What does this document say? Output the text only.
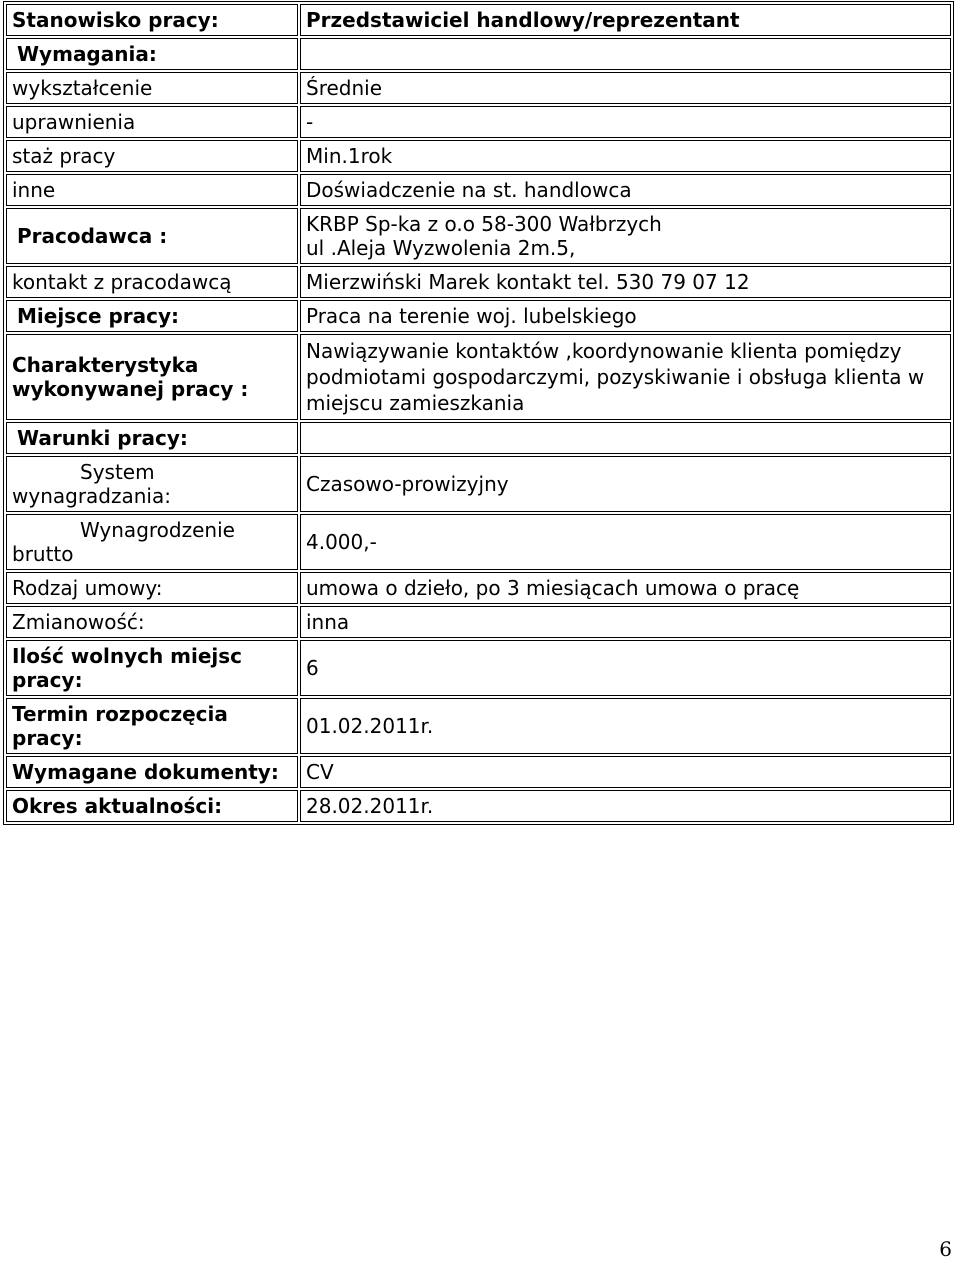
Stanowisko pracy:	Przedstawiciel handlowy/reprezentant
Wymagania:	
wykształcenie	Średnie
uprawnienia	-
staż pracy	Min.1rok
inne	Doświadczenie na st. handlowca
Pracodawca :	KRBP Sp-ka z o.o 58-300 Wałbrzych
ul .Aleja Wyzwolenia 2m.5,

kontakt z pracodawcą	Mierzwiński Marek kontakt tel. 530 79 07 12
Miejsce pracy:	Praca na terenie woj. lubelskiego

Charakterystyka
wykonywanej pracy :	Nawiązywanie kontaktów ,koordynowanie klienta pomiędzy podmiotami gospodarczymi, pozyskiwanie i obsługa klienta w miejscu zamieszkania
Warunki pracy:	

System
wynagradzania:	Czasowo-prowizyjny

Wynagrodzenie
brutto	4.000,-
Rodzaj umowy:	umowa o dzieło, po 3 miesiącach umowa o pracę
Zmianowość:	inna

Ilość wolnych miejsc
pracy:	6
Termin rozpoczęcia pracy:	01.02.2011r.
Wymagane dokumenty:	CV
Okres aktualności:	28.02.2011r.
6
